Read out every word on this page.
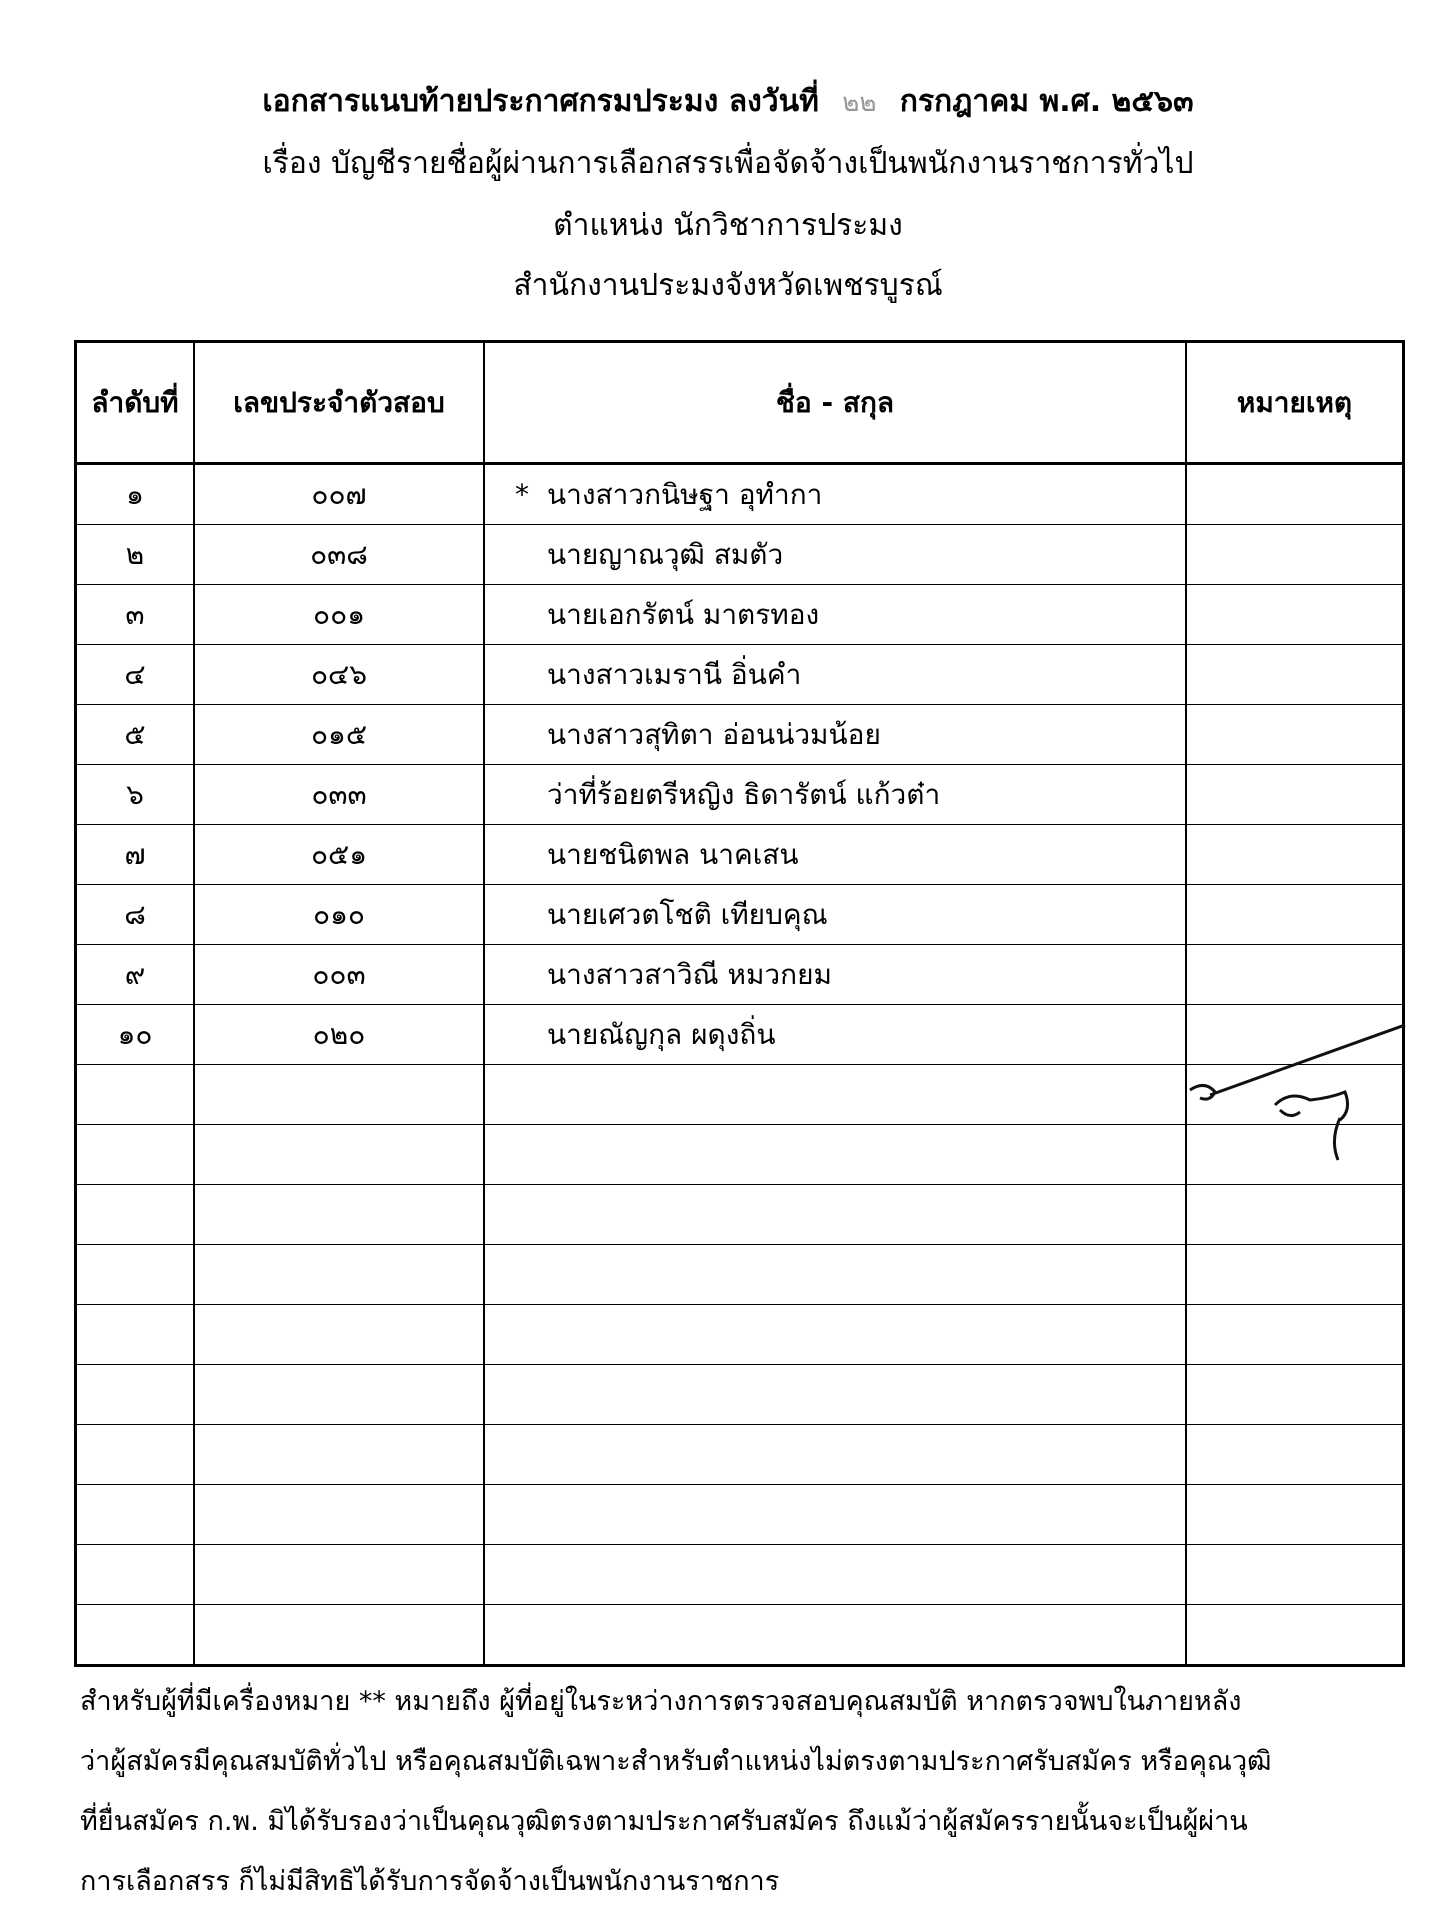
เอกสารแนบท้ายประกาศกรมประมง ลงวันที่ ๒๒ กรกฎาคม พ.ศ. ๒๕๖๓
เรื่อง บัญชีรายชื่อผู้ผ่านการเลือกสรรเพื่อจัดจ้างเป็นพนักงานราชการทั่วไป
ตำแหน่ง นักวิชาการประมง
สำนักงานประมงจังหวัดเพชรบูรณ์
ลำดับที่	เลขประจำตัวสอบ	ชื่อ - สกุล	หมายเหตุ
๑	๐๐๗	* นางสาวกนิษฐา อุทำกา	

๒	๐๓๘	นายญาณวุฒิ สมตัว	

๓	๐๐๑	นายเอกรัตน์ มาตรทอง	

๔	๐๔๖	นางสาวเมรานี อิ่นคำ	

๕	๐๑๕	นางสาวสุทิตา อ่อนน่วมน้อย	

๖	๐๓๓	ว่าที่ร้อยตรีหญิง ธิดารัตน์ แก้วต๋า	

๗	๐๕๑	นายชนิตพล นาคเสน	

๘	๐๑๐	นายเศวตโชติ เทียบคุณ	

๙	๐๐๓	นางสาวสาวิณี หมวกยม	

๑๐	๐๒๐	นายณัญกุล ผดุงถิ่น	

สำหรับผู้ที่มีเครื่องหมาย ** หมายถึง ผู้ที่อยู่ในระหว่างการตรวจสอบคุณสมบัติ หากตรวจพบในภายหลัง

ว่าผู้สมัครมีคุณสมบัติทั่วไป หรือคุณสมบัติเฉพาะสำหรับตำแหน่งไม่ตรงตามประกาศรับสมัคร หรือคุณวุฒิ

ที่ยื่นสมัคร ก.พ. มิได้รับรองว่าเป็นคุณวุฒิตรงตามประกาศรับสมัคร ถึงแม้ว่าผู้สมัครรายนั้นจะเป็นผู้ผ่าน

การเลือกสรร ก็ไม่มีสิทธิได้รับการจัดจ้างเป็นพนักงานราชการ
